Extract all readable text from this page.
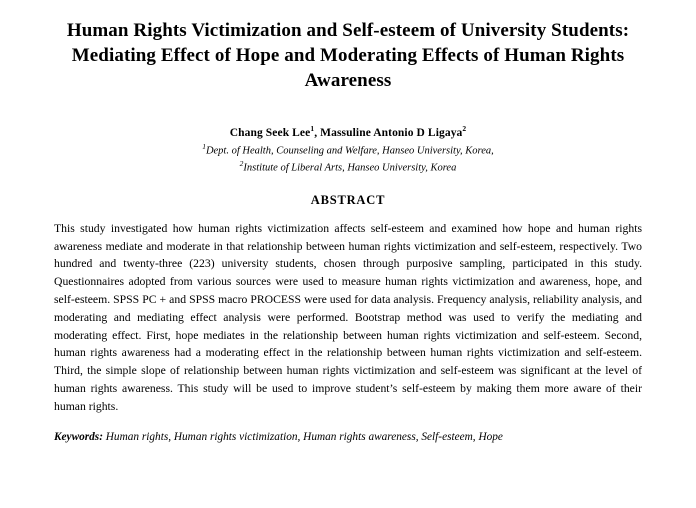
Human Rights Victimization and Self-esteem of University Students:
Mediating Effect of Hope and Moderating Effects of Human Rights
Awareness
Chang Seek Lee$^1$, Massuline Antonio D Ligaya$^2$
$^1$Dept. of Health, Counseling and Welfare, Hanseo University, Korea,
$^2$Institute of Liberal Arts, Hanseo University, Korea
ABSTRACT

This study investigated how human rights victimization affects self-esteem and examined how hope and human rights awareness mediate and moderate in that relationship between human rights victimization and self-esteem, respectively. Two hundred and twenty-three (223) university students, chosen through purposive sampling, participated in this study. Questionnaires adopted from various sources were used to measure human rights victimization and awareness, hope, and self-esteem. SPSS PC + and SPSS macro PROCESS were used for data analysis. Frequency analysis, reliability analysis, and moderating and mediating effect analysis were performed. Bootstrap method was used to verify the mediating and moderating effect. First, hope mediates in the relationship between human rights victimization and self-esteem. Second, human rights awareness had a moderating effect in the relationship between human rights victimization and self-esteem. Third, the simple slope of relationship between human rights victimization and self-esteem was significant at the level of human rights awareness. This study will be used to improve student’s self-esteem by making them more aware of their human rights.

Keywords: Human rights, Human rights victimization, Human rights awareness, Self-esteem, Hope
